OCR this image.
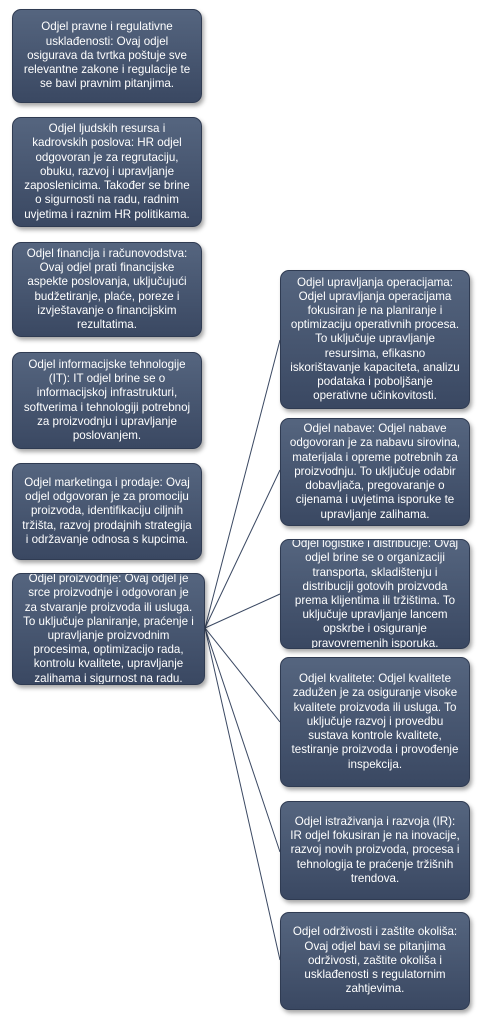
Odjel pravne i regulativne usklađenosti: Ovaj odjel osigurava da tvrtka poštuje sve relevantne zakone i regulacije te se bavi pravnim pitanjima.
Odjel ljudskih resursa i kadrovskih poslova: HR odjel odgovoran je za regrutaciju, obuku, razvoj i upravljanje zaposlenicima. Također se brine o sigurnosti na radu, radnim uvjetima i raznim HR politikama.
Odjel financija i računovodstva: Ovaj odjel prati financijske aspekte poslovanja, uključujući budžetiranje, plaće, poreze i izvještavanje o financijskim rezultatima.
Odjel informacijske tehnologije (IT): IT odjel brine se o informacijskoj infrastrukturi, softverima i tehnologiji potrebnoj za proizvodnju i upravljanje poslovanjem.
Odjel marketinga i prodaje: Ovaj odjel odgovoran je za promociju proizvoda, identifikaciju ciljnih tržišta, razvoj prodajnih strategija i održavanje odnosa s kupcima.
Odjel proizvodnje: Ovaj odjel je srce proizvodnje i odgovoran je za stvaranje proizvoda ili usluga. To uključuje planiranje, praćenje i upravljanje proizvodnim procesima, optimizacijo rada, kontrolu kvalitete, upravljanje zalihama i sigurnost na radu.
Odjel upravljanja operacijama: Odjel upravljanja operacijama fokusiran je na planiranje i optimizaciju operativnih procesa. To uključuje upravljanje resursima, efikasno iskorištavanje kapaciteta, analizu podataka i poboljšanje operativne učinkovitosti.
Odjel nabave: Odjel nabave odgovoran je za nabavu sirovina, materijala i opreme potrebnih za proizvodnju. To uključuje odabir dobavljača, pregovaranje o cijenama i uvjetima isporuke te upravljanje zalihama.
Odjel logistike i distribucije: Ovaj odjel brine se o organizaciji transporta, skladištenju i distribuciji gotovih proizvoda prema klijentima ili tržištima. To uključuje upravljanje lancem opskrbe i osiguranje pravovremenih isporuka.
Odjel kvalitete: Odjel kvalitete zadužen je za osiguranje visoke kvalitete proizvoda ili usluga. To uključuje razvoj i provedbu sustava kontrole kvalitete, testiranje proizvoda i provođenje inspekcija.
Odjel istraživanja i razvoja (IR): IR odjel fokusiran je na inovacije, razvoj novih proizvoda, procesa i tehnologija te praćenje tržišnih trendova.
Odjel održivosti i zaštite okoliša: Ovaj odjel bavi se pitanjima održivosti, zaštite okoliša i usklađenosti s regulatornim zahtjevima.
